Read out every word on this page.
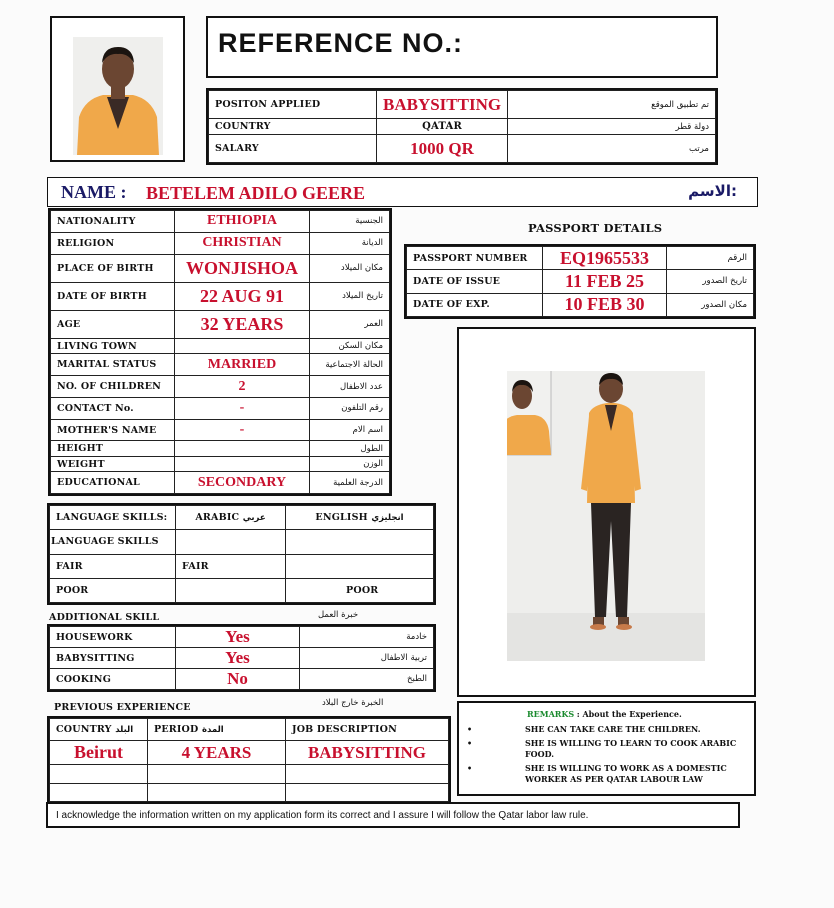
REFERENCE NO.:
POSITON APPLIED	BABYSITTING	تم تطبيق الموقع
COUNTRY	QATAR	دولة قطر
SALARY	1000 QR	مرتب
NAME : BETELEM ADILO GEERE	:الاسم
NATIONALITY	ETHIOPIA	الجنسية
RELIGION	CHRISTIAN	الديانة
PLACE OF BIRTH	WONJISHOA	مكان الميلاد
DATE OF BIRTH	22 AUG 91	تاريخ الميلاد
AGE	32 YEARS	العمر
LIVING TOWN		مكان السكن
MARITAL STATUS	MARRIED	الحالة الاجتماعية
NO. OF CHILDREN	2	عدد الاطفال
CONTACT No.	-	رقم التلفون
MOTHER'S NAME	-	اسم الام
HEIGHT		الطول
WEIGHT		الوزن
EDUCATIONAL	SECONDARY	الدرجة العلمية
PASSPORT DETAILS
PASSPORT NUMBER	EQ1965533	الرقم
DATE OF ISSUE	11 FEB 25	تاريخ الصدور
DATE OF EXP.	10 FEB 30	مكان الصدور
LANGUAGE SKILLS:	ARABIC عربي	ENGLISH انجليزي
LANGUAGE SKILLS		
FAIR	FAIR	
POOR		POOR
ADDITIONAL SKILL	خبرة العمل
HOUSEWORK	Yes	خادمة
BABYSITTING	Yes	تربية الاطفال
COOKING	No	الطبخ
PREVIOUS EXPERIENCE	الخبرة خارج البلاد
COUNTRY البلد	PERIOD المدة	JOB DESCRIPTION
Beirut	4 YEARS	BABYSITTING

REMARKS : About the Experience.
•	SHE CAN TAKE CARE THE CHILDREN.
•	SHE IS WILLING TO LEARN TO COOK ARABIC FOOD.
•	SHE IS WILLING TO WORK AS A DOMESTIC WORKER AS PER QATAR LABOUR LAW
I acknowledge the information written on my application form its correct and I assure I will follow the Qatar labor law rule.
